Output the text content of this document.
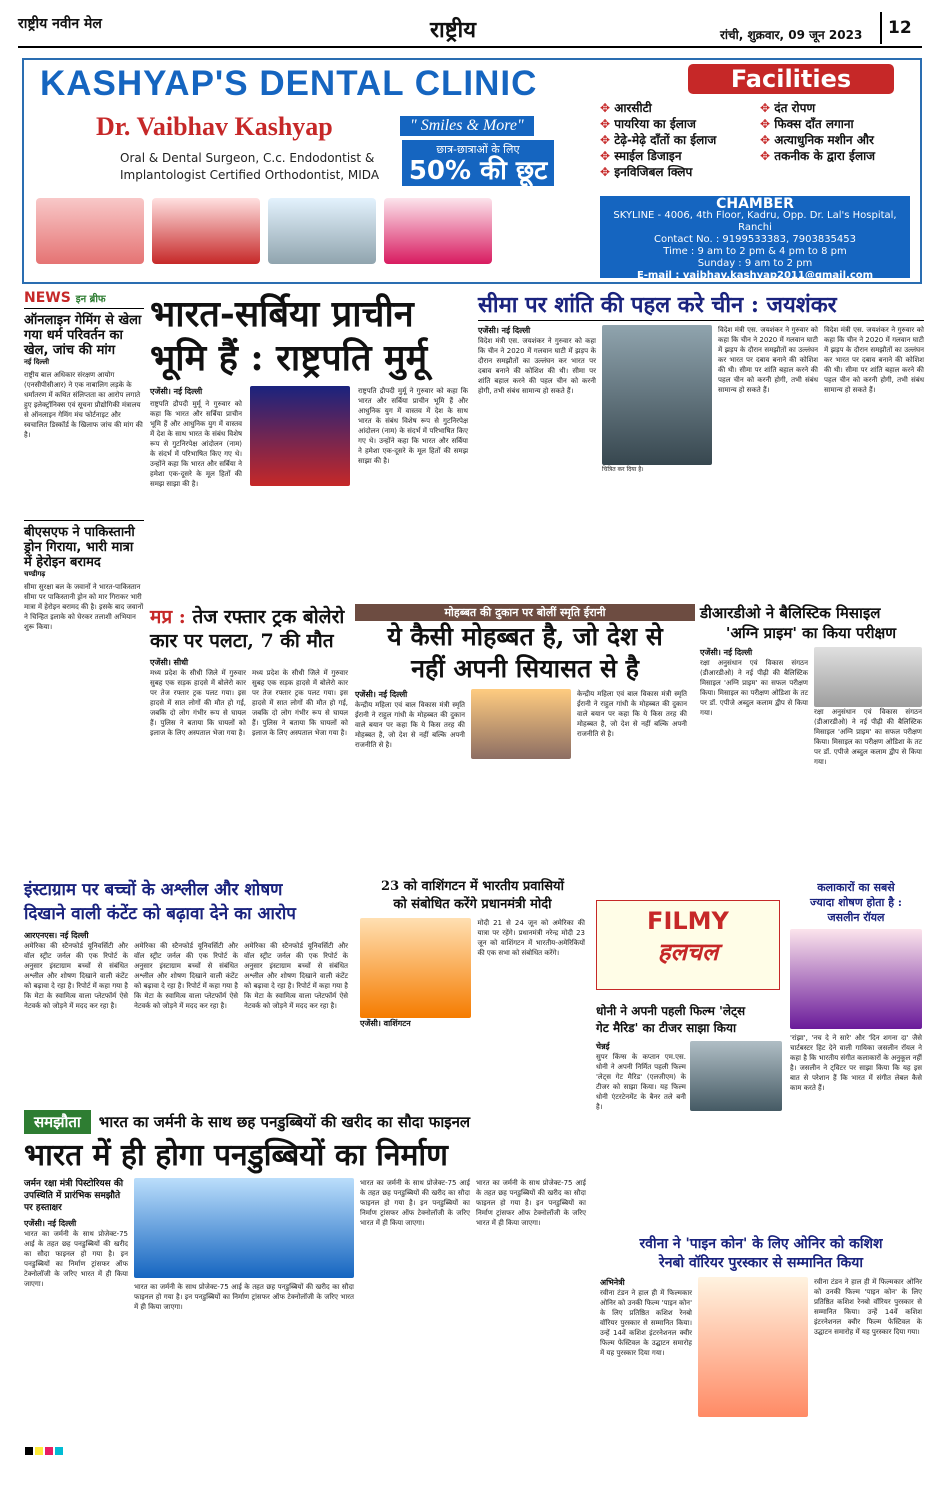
राष्ट्रीय नवीन मेल	राष्ट्रीय	रांची, शुक्रवार, 09 जून 2023 12
KASHYAP'S DENTAL CLINIC	Facilities
Dr. Vaibhav Kashyap	" Smiles & More"
Oral & Dental Surgeon, C.c. Endodontist &
Implantologist Certified Orthodontist, MIDA
छात्र-छात्राओं के लिए
50% की छूट
✥ आरसीटी
✥ पायरिया का ईलाज
✥ टेढ़े-मेढ़े दाँतों का ईलाज
✥ स्माईल डिजाइन
✥ इनविजिबल क्लिप
✥ दंत रोपण
✥ फिक्स दाँत लगाना
✥ अत्याधुनिक मशीन और
✥ तकनीक के द्वारा ईलाज
CHAMBER
SKYLINE - 4006, 4th Floor, Kadru, Opp. Dr. Lal's Hospital, Ranchi
Contact No. : 9199533383, 7903835453
Time : 9 am to 2 pm & 4 pm to 8 pm
Sunday : 9 am to 2 pm
E-mail : vaibhav.kashyap2011@gmail.com
NEWS इन ब्रीफ
ऑनलाइन गेमिंग से खेला गया धर्म परिवर्तन का खेल, जांच की मांग
नई दिल्ली
राष्ट्रीय बाल अधिकार संरक्षण आयोग (एनसीपीसीआर) ने एक नाबालिग लड़के के धर्मांतरण में कथित संलिप्तता का आरोप लगाते हुए इलेक्ट्रॉनिक्स एवं सूचना प्रौद्योगिकी मंत्रालय से ऑनलाइन गेमिंग मंच फोर्टनाइट और स्वचालित डिस्कॉर्ड के खिलाफ जांच की मांग की है।
बीएसएफ ने पाकिस्तानी ड्रोन गिराया, भारी मात्रा में हेरोइन बरामद
चण्डीगढ़
सीमा सुरक्षा बल के जवानों ने भारत-पाकिस्तान सीमा पर पाकिस्तानी ड्रोन को मार गिराकर भारी मात्रा में हेरोइन बरामद की है। इसके बाद जवानों ने चिन्हित इलाके को घेरकर तलाशी अभियान शुरू किया।
भारत-सर्बिया प्राचीन
भूमि हैं : राष्ट्रपति मुर्मू
एजेंसी। नई दिल्ली
राष्ट्रपति द्रौपदी मुर्मू ने गुरुवार को कहा कि भारत और सर्बिया प्राचीन भूमि हैं और आधुनिक युग में वास्तव में देश के साथ भारत के संबंध विशेष रूप से गुटनिरपेक्ष आंदोलन (नाम) के संदर्भ में परिभाषित किए गए थे। उन्होंने कहा कि भारत और सर्बिया ने हमेशा एक-दूसरे के मूल हितों की समझ साझा की है।
राष्ट्रपति द्रौपदी मुर्मू ने गुरुवार को कहा कि भारत और सर्बिया प्राचीन भूमि हैं और आधुनिक युग में वास्तव में देश के साथ भारत के संबंध विशेष रूप से गुटनिरपेक्ष आंदोलन (नाम) के संदर्भ में परिभाषित किए गए थे। उन्होंने कहा कि भारत और सर्बिया ने हमेशा एक-दूसरे के मूल हितों की समझ साझा की है।
सीमा पर शांति की पहल करे चीन : जयशंकर
एजेंसी। नई दिल्ली
विदेश मंत्री एस. जयशंकर ने गुरुवार को कहा कि चीन ने 2020 में गलवान घाटी में झड़प के दौरान समझौतों का उल्लंघन कर भारत पर दबाव बनाने की कोशिश की थी। सीमा पर शांति बहाल करने की पहल चीन को करनी होगी, तभी संबंध सामान्य हो सकते हैं।
चित्रित कर दिया है।
विदेश मंत्री एस. जयशंकर ने गुरुवार को कहा कि चीन ने 2020 में गलवान घाटी में झड़प के दौरान समझौतों का उल्लंघन कर भारत पर दबाव बनाने की कोशिश की थी। सीमा पर शांति बहाल करने की पहल चीन को करनी होगी, तभी संबंध सामान्य हो सकते हैं।
विदेश मंत्री एस. जयशंकर ने गुरुवार को कहा कि चीन ने 2020 में गलवान घाटी में झड़प के दौरान समझौतों का उल्लंघन कर भारत पर दबाव बनाने की कोशिश की थी। सीमा पर शांति बहाल करने की पहल चीन को करनी होगी, तभी संबंध सामान्य हो सकते हैं।
मप्र : तेज रफ्तार ट्रक बोलेरो
कार पर पलटा, 7 की मौत
एजेंसी। सीधी
मध्य प्रदेश के सीधी जिले में गुरुवार सुबह एक सड़क हादसे में बोलेरो कार पर तेज रफ्तार ट्रक पलट गया। इस हादसे में सात लोगों की मौत हो गई, जबकि दो लोग गंभीर रूप से घायल हैं। पुलिस ने बताया कि घायलों को इलाज के लिए अस्पताल भेजा गया है।
मध्य प्रदेश के सीधी जिले में गुरुवार सुबह एक सड़क हादसे में बोलेरो कार पर तेज रफ्तार ट्रक पलट गया। इस हादसे में सात लोगों की मौत हो गई, जबकि दो लोग गंभीर रूप से घायल हैं। पुलिस ने बताया कि घायलों को इलाज के लिए अस्पताल भेजा गया है।
मोहब्बत की दुकान पर बोलीं स्मृति ईरानी
ये कैसी मोहब्बत है, जो देश से
नहीं अपनी सियासत से है
एजेंसी। नई दिल्ली
केन्द्रीय महिला एवं बाल विकास मंत्री स्मृति ईरानी ने राहुल गांधी के मोहब्बत की दुकान वाले बयान पर कहा कि ये किस तरह की मोहब्बत है, जो देश से नहीं बल्कि अपनी राजनीति से है।
केन्द्रीय महिला एवं बाल विकास मंत्री स्मृति ईरानी ने राहुल गांधी के मोहब्बत की दुकान वाले बयान पर कहा कि ये किस तरह की मोहब्बत है, जो देश से नहीं बल्कि अपनी राजनीति से है।
डीआरडीओ ने बैलिस्टिक मिसाइल
'अग्नि प्राइम' का किया परीक्षण
एजेंसी। नई दिल्ली
रक्षा अनुसंधान एवं विकास संगठन (डीआरडीओ) ने नई पीढ़ी की बैलिस्टिक मिसाइल 'अग्नि प्राइम' का सफल परीक्षण किया। मिसाइल का परीक्षण ओडिशा के तट पर डॉ. एपीजे अब्दुल कलाम द्वीप से किया गया।	रक्षा अनुसंधान एवं विकास संगठन (डीआरडीओ) ने नई पीढ़ी की बैलिस्टिक मिसाइल 'अग्नि प्राइम' का सफल परीक्षण किया। मिसाइल का परीक्षण ओडिशा के तट पर डॉ. एपीजे अब्दुल कलाम द्वीप से किया गया।
इंस्टाग्राम पर बच्चों के अश्लील और शोषण
दिखाने वाली कंटेंट को बढ़ावा देने का आरोप
आरएनएस। नई दिल्ली
अमेरिका की स्टैनफोर्ड यूनिवर्सिटी और वॉल स्ट्रीट जर्नल की एक रिपोर्ट के अनुसार इंस्टाग्राम बच्चों से संबंधित अश्लील और शोषण दिखाने वाली कंटेंट को बढ़ावा दे रहा है। रिपोर्ट में कहा गया है कि मेटा के स्वामित्व वाला प्लेटफॉर्म ऐसे नेटवर्क को जोड़ने में मदद कर रहा है।
अमेरिका की स्टैनफोर्ड यूनिवर्सिटी और वॉल स्ट्रीट जर्नल की एक रिपोर्ट के अनुसार इंस्टाग्राम बच्चों से संबंधित अश्लील और शोषण दिखाने वाली कंटेंट को बढ़ावा दे रहा है। रिपोर्ट में कहा गया है कि मेटा के स्वामित्व वाला प्लेटफॉर्म ऐसे नेटवर्क को जोड़ने में मदद कर रहा है।
अमेरिका की स्टैनफोर्ड यूनिवर्सिटी और वॉल स्ट्रीट जर्नल की एक रिपोर्ट के अनुसार इंस्टाग्राम बच्चों से संबंधित अश्लील और शोषण दिखाने वाली कंटेंट को बढ़ावा दे रहा है। रिपोर्ट में कहा गया है कि मेटा के स्वामित्व वाला प्लेटफॉर्म ऐसे नेटवर्क को जोड़ने में मदद कर रहा है।
23 को वाशिंगटन में भारतीय प्रवासियों
को संबोधित करेंगे प्रधानमंत्री मोदी
एजेंसी। वाशिंगटन
मोदी 21 से 24 जून को अमेरिका की यात्रा पर रहेंगे। प्रधानमंत्री नरेन्द्र मोदी 23 जून को वाशिंगटन में भारतीय-अमेरिकियों की एक सभा को संबोधित करेंगे।
FILMY
हलचल
कलाकारों का सबसे
ज्यादा शोषण होता है :
जसलीन रॉयल
'रांझा', 'नच दे ने सारे' और 'दिन शगना दा' जैसे चार्टबस्टर हिट देने वाली गायिका जसलीन रॉयल ने कहा है कि भारतीय संगीत कलाकारों के अनुकूल नहीं है। जसलीन ने ट्विटर पर साझा किया कि यह इस बात से परेशान हैं कि भारत में संगीत लेबल कैसे काम करते हैं।
धोनी ने अपनी पहली फिल्म 'लेट्स
गेट मैरिड' का टीजर साझा किया
चेन्नई
सुपर किंग्स के कप्तान एम.एस. धोनी ने अपनी निर्मित पहली फिल्म 'लेट्स गेट मैरिड' (एलजीएम) के टीजर को साझा किया। यह फिल्म धोनी एंटरटेनमेंट के बैनर तले बनी है।
समझौता	भारत का जर्मनी के साथ छह पनडुब्बियों की खरीद का सौदा फाइनल
भारत में ही होगा पनडुब्बियों का निर्माण
जर्मन रक्षा मंत्री पिस्टोरियस की उपस्थिति में प्रारंभिक समझौते पर हस्ताक्षर
एजेंसी। नई दिल्ली
भारत का जर्मनी के साथ प्रोजेक्ट-75 आई के तहत छह पनडुब्बियों की खरीद का सौदा फाइनल हो गया है। इन पनडुब्बियों का निर्माण ट्रांसफर ऑफ टेक्नोलॉजी के जरिए भारत में ही किया जाएगा।	भारत का जर्मनी के साथ प्रोजेक्ट-75 आई के तहत छह पनडुब्बियों की खरीद का सौदा फाइनल हो गया है। इन पनडुब्बियों का निर्माण ट्रांसफर ऑफ टेक्नोलॉजी के जरिए भारत में ही किया जाएगा।
भारत का जर्मनी के साथ प्रोजेक्ट-75 आई के तहत छह पनडुब्बियों की खरीद का सौदा फाइनल हो गया है। इन पनडुब्बियों का निर्माण ट्रांसफर ऑफ टेक्नोलॉजी के जरिए भारत में ही किया जाएगा।
भारत का जर्मनी के साथ प्रोजेक्ट-75 आई के तहत छह पनडुब्बियों की खरीद का सौदा फाइनल हो गया है। इन पनडुब्बियों का निर्माण ट्रांसफर ऑफ टेक्नोलॉजी के जरिए भारत में ही किया जाएगा।
रवीना ने 'पाइन कोन' के लिए ओनिर को कशिश
रेनबो वॉरियर पुरस्कार से सम्मानित किया
अभिनेत्री
रवीना टंडन ने हाल ही में फिल्मकार ओनिर को उनकी फिल्म 'पाइन कोन' के लिए प्रतिष्ठित कशिश रेनबो वॉरियर पुरस्कार से सम्मानित किया। उन्हें 14वें कशिश इंटरनेशनल क्वीर फिल्म फेस्टिवल के उद्घाटन समारोह में यह पुरस्कार दिया गया।
रवीना टंडन ने हाल ही में फिल्मकार ओनिर को उनकी फिल्म 'पाइन कोन' के लिए प्रतिष्ठित कशिश रेनबो वॉरियर पुरस्कार से सम्मानित किया। उन्हें 14वें कशिश इंटरनेशनल क्वीर फिल्म फेस्टिवल के उद्घाटन समारोह में यह पुरस्कार दिया गया।
